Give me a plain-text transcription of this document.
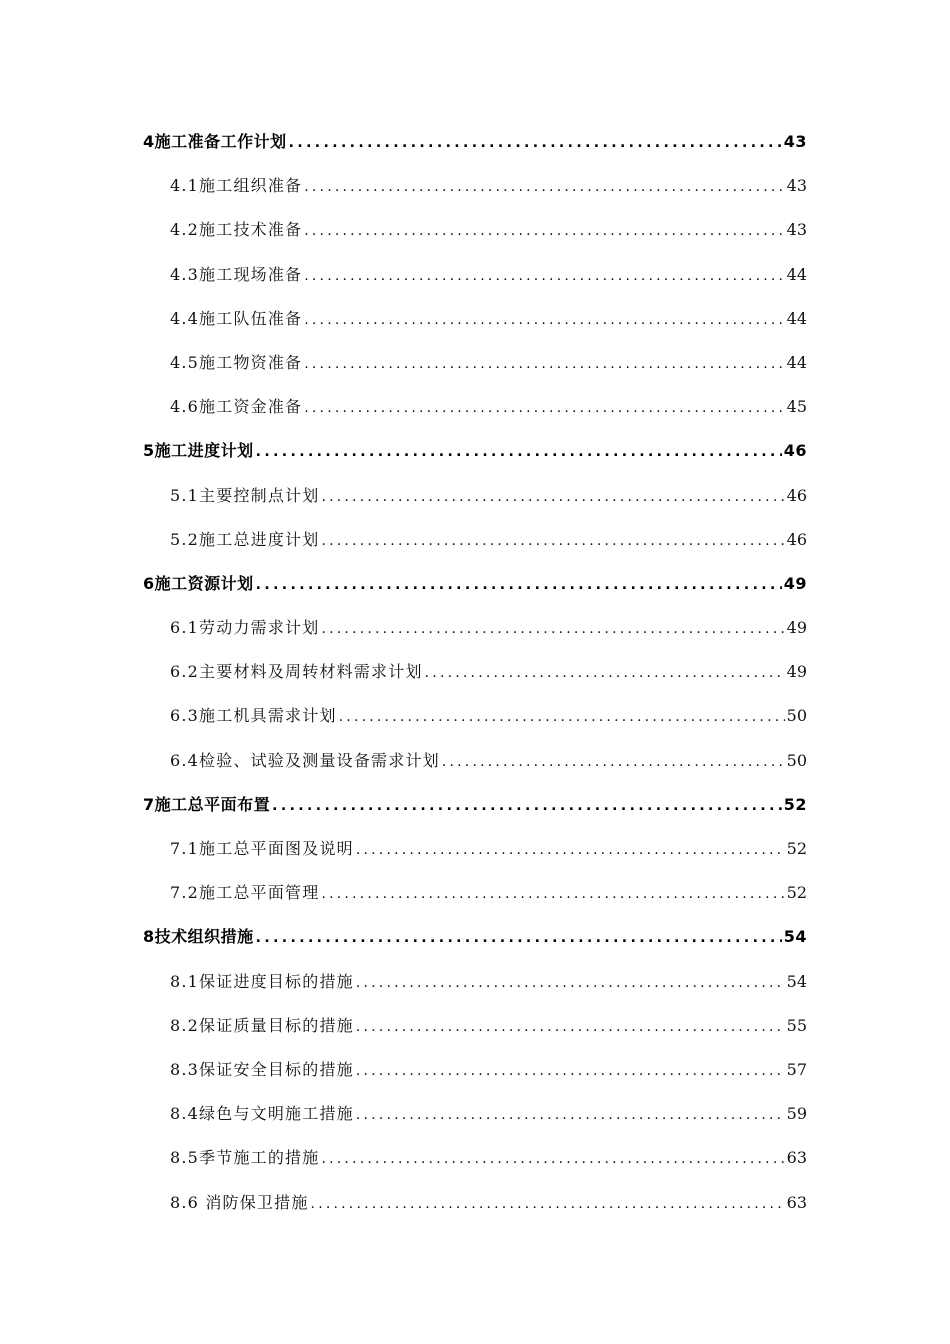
4施工准备工作计划 .....	43
4.1施工组织准备 .....	43
4.2施工技术准备 .....	43
4.3施工现场准备 .....	44
4.4施工队伍准备 .....	44
4.5施工物资准备 .....	44
4.6施工资金准备 .....	45
5施工进度计划 .....	46
5.1主要控制点计划 .....	46
5.2施工总进度计划 .....	46
6施工资源计划 .....	49
6.1劳动力需求计划 .....	49
6.2主要材料及周转材料需求计划 .....	49
6.3施工机具需求计划 .....	50
6.4检验、试验及测量设备需求计划 .....	50
7施工总平面布置 .....	52
7.1施工总平面图及说明 .....	52
7.2施工总平面管理 .....	52
8技术组织措施 .....	54
8.1保证进度目标的措施 .....	54
8.2保证质量目标的措施 .....	55
8.3保证安全目标的措施 .....	57
8.4绿色与文明施工措施 .....	59
8.5季节施工的措施 .....	63
8.6 消防保卫措施 .....	63
